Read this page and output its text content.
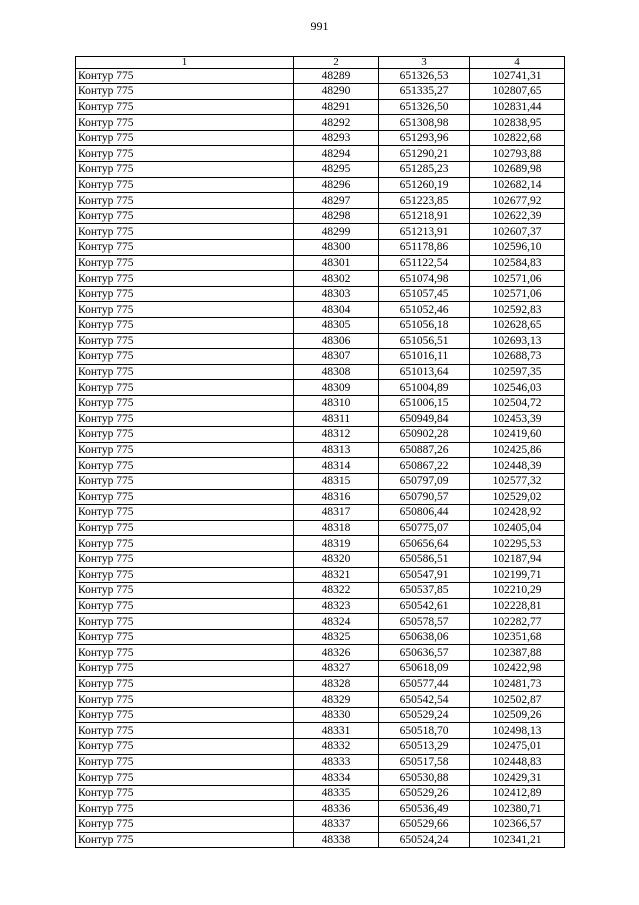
991
1	2	3	4
Контур 775	48289	651326,53	102741,31
Контур 775	48290	651335,27	102807,65
Контур 775	48291	651326,50	102831,44
Контур 775	48292	651308,98	102838,95
Контур 775	48293	651293,96	102822,68
Контур 775	48294	651290,21	102793,88
Контур 775	48295	651285,23	102689,98
Контур 775	48296	651260,19	102682,14
Контур 775	48297	651223,85	102677,92
Контур 775	48298	651218,91	102622,39
Контур 775	48299	651213,91	102607,37
Контур 775	48300	651178,86	102596,10
Контур 775	48301	651122,54	102584,83
Контур 775	48302	651074,98	102571,06
Контур 775	48303	651057,45	102571,06
Контур 775	48304	651052,46	102592,83
Контур 775	48305	651056,18	102628,65
Контур 775	48306	651056,51	102693,13
Контур 775	48307	651016,11	102688,73
Контур 775	48308	651013,64	102597,35
Контур 775	48309	651004,89	102546,03
Контур 775	48310	651006,15	102504,72
Контур 775	48311	650949,84	102453,39
Контур 775	48312	650902,28	102419,60
Контур 775	48313	650887,26	102425,86
Контур 775	48314	650867,22	102448,39
Контур 775	48315	650797,09	102577,32
Контур 775	48316	650790,57	102529,02
Контур 775	48317	650806,44	102428,92
Контур 775	48318	650775,07	102405,04
Контур 775	48319	650656,64	102295,53
Контур 775	48320	650586,51	102187,94
Контур 775	48321	650547,91	102199,71
Контур 775	48322	650537,85	102210,29
Контур 775	48323	650542,61	102228,81
Контур 775	48324	650578,57	102282,77
Контур 775	48325	650638,06	102351,68
Контур 775	48326	650636,57	102387,88
Контур 775	48327	650618,09	102422,98
Контур 775	48328	650577,44	102481,73
Контур 775	48329	650542,54	102502,87
Контур 775	48330	650529,24	102509,26
Контур 775	48331	650518,70	102498,13
Контур 775	48332	650513,29	102475,01
Контур 775	48333	650517,58	102448,83
Контур 775	48334	650530,88	102429,31
Контур 775	48335	650529,26	102412,89
Контур 775	48336	650536,49	102380,71
Контур 775	48337	650529,66	102366,57
Контур 775	48338	650524,24	102341,21
